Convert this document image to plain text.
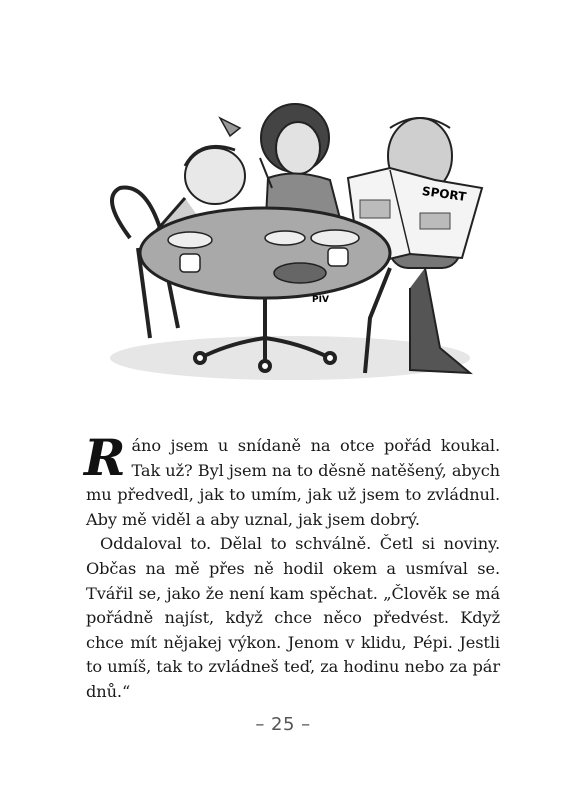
SPORT
PIV

Ráno jsem u snídaně na otce pořád koukal. Tak už? Byl jsem na to děsně natěšený, abych mu předvedl, jak to umím, jak už jsem to zvládnul. Aby mě viděl a aby uznal, jak jsem dobrý.

Oddaloval to. Dělal to schválně. Četl si noviny. Občas na mě přes ně hodil okem a usmíval se. Tvářil se, jako že není kam spěchat. „Člověk se má pořádně najíst, když chce něco předvést. Když chce mít nějakej výkon. Jenom v klidu, Pépi. Jestli to umíš, tak to zvládneš teď, za hodinu nebo za pár dnů.“

– 25 –
